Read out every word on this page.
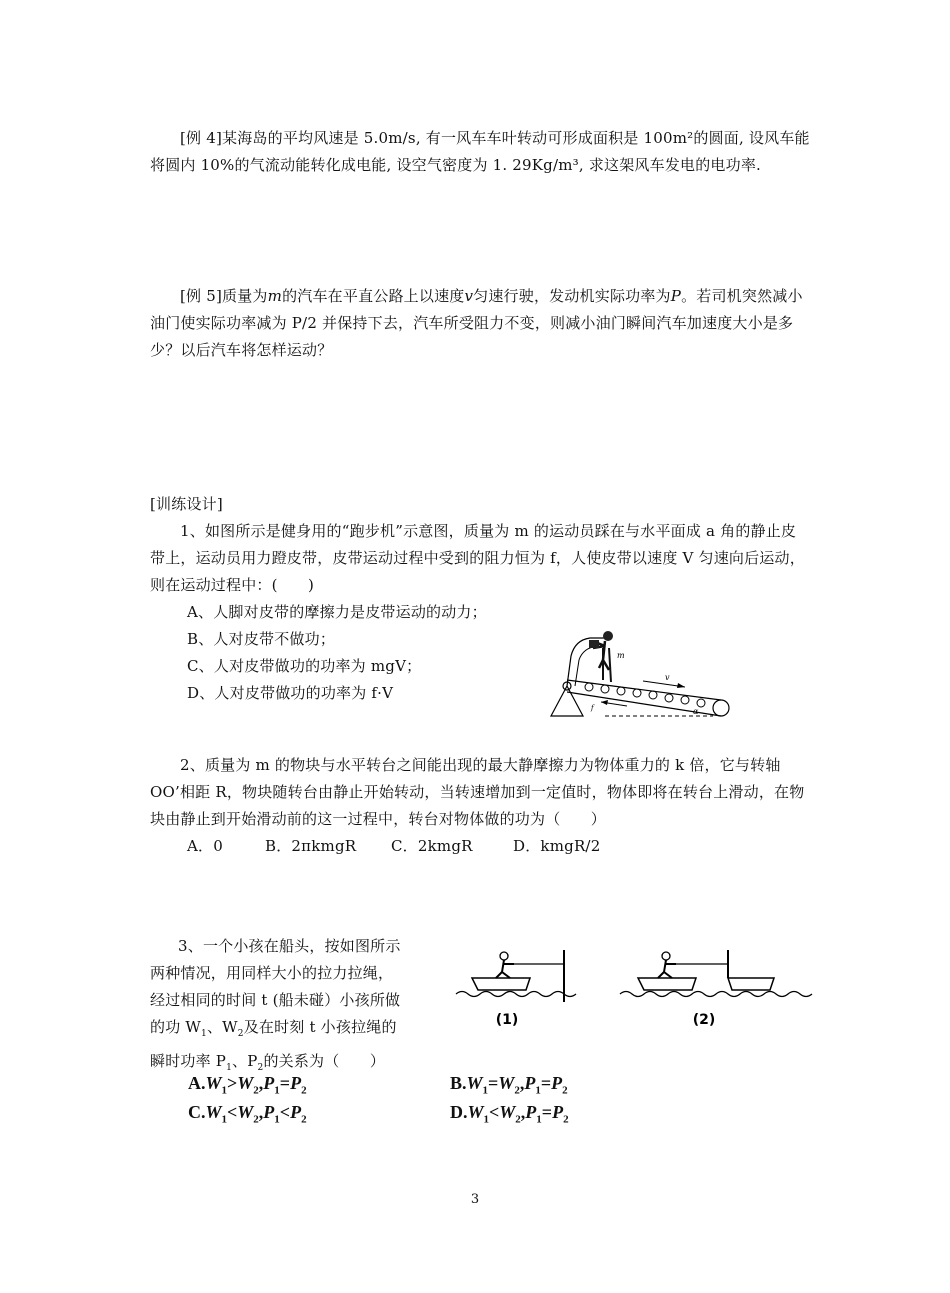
[例 4]某海岛的平均风速是 5.0m/s, 有一风车车叶转动可形成面积是 100m²的圆面, 设风车能将圆内 10%的气流动能转化成电能, 设空气密度为 1. 29Kg/m³, 求这架风车发电的电功率.

[例 5]质量为m的汽车在平直公路上以速度v匀速行驶，发动机实际功率为P。若司机突然减小油门使实际功率减为 P/2 并保持下去，汽车所受阻力不变，则减小油门瞬间汽车加速度大小是多少？以后汽车将怎样运动？

[训练设计]

1、如图所示是健身用的“跑步机”示意图，质量为 m 的运动员踩在与水平面成 a 角的静止皮带上，运动员用力蹬皮带，皮带运动过程中受到的阻力恒为 f，人使皮带以速度 V 匀速向后运动，则在运动过程中：(　　)

A、人脚对皮带的摩擦力是皮带运动的动力；

B、人对皮带不做功；

C、人对皮带做功的功率为 mgV；

D、人对皮带做功的功率为 f·V

m
v
f	α

2、质量为 m 的物块与水平转台之间能出现的最大静摩擦力为物体重力的 k 倍，它与转轴 OO’相距 R，物块随转台由静止开始转动，当转速增加到一定值时，物体即将在转台上滑动，在物块由静止到开始滑动前的这一过程中，转台对物体做的功为（　　）

A．0	B．2πkmgR C．2kmgR	D．kmgR/2

3、一个小孩在船头，按如图所示

两种情况，用同样大小的拉力拉绳，

经过相同的时间 t (船未碰）小孩所做

的功 $W_1$、$W_2$及在时刻 t 小孩拉绳的

瞬时功率 $P_1$、$P_2$的关系为（　　）

(1)	(2)
$A.W_1>W_2,P_1=P_2$	$B.W_1=W_2,P_1=P_2$
$C.W_1<W_2,P_1<P_2$	$D.W_1<W_2,P_1=P_2$
3
